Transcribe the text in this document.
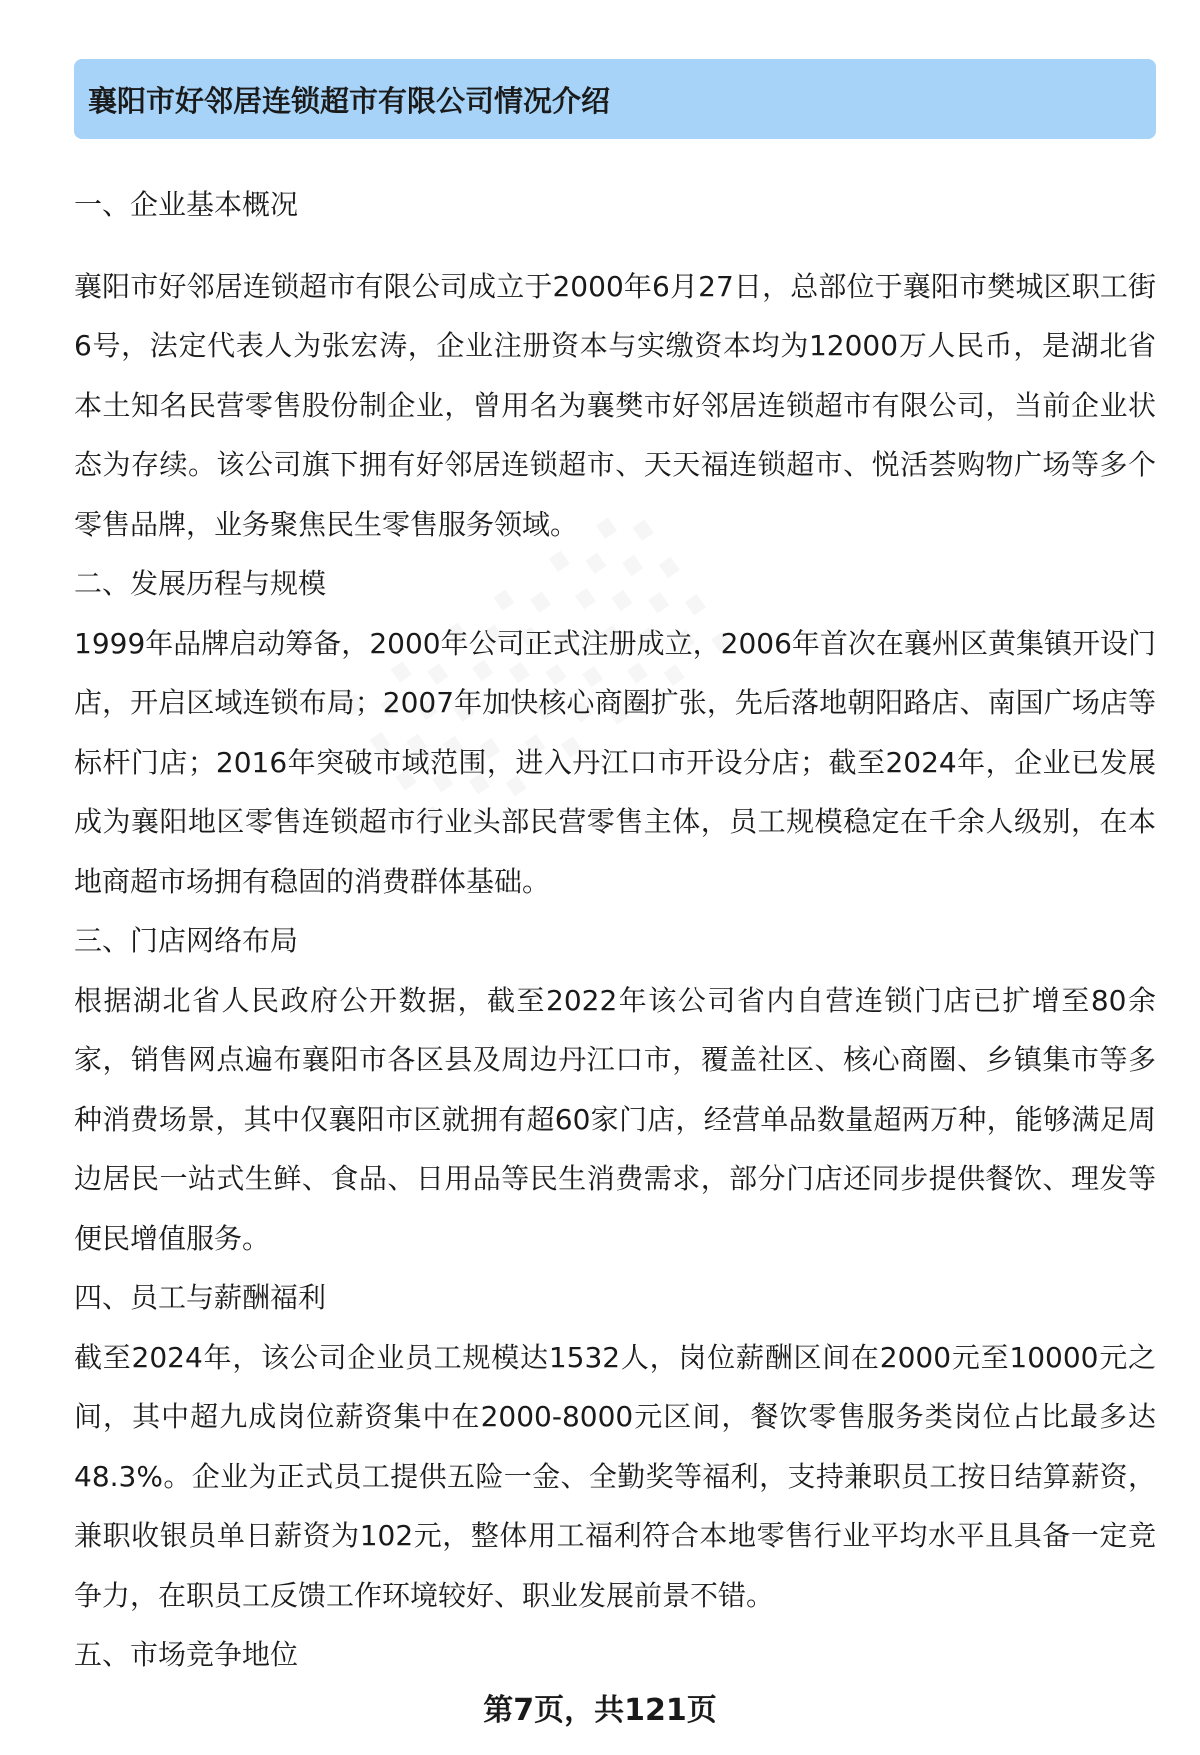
襄阳市好邻居连锁超市有限公司情况介绍

一、企业基本概况

襄阳市好邻居连锁超市有限公司成立于2000年6月27日，总部位于襄阳市樊城区职工街6号，法定代表人为张宏涛，企业注册资本与实缴资本均为12000万人民币，是湖北省本土知名民营零售股份制企业，曾用名为襄樊市好邻居连锁超市有限公司，当前企业状态为存续。该公司旗下拥有好邻居连锁超市、天天福连锁超市、悦活荟购物广场等多个零售品牌，业务聚焦民生零售服务领域。

二、发展历程与规模

1999年品牌启动筹备，2000年公司正式注册成立，2006年首次在襄州区黄集镇开设门店，开启区域连锁布局；2007年加快核心商圈扩张，先后落地朝阳路店、南国广场店等标杆门店；2016年突破市域范围，进入丹江口市开设分店；截至2024年，企业已发展成为襄阳地区零售连锁超市行业头部民营零售主体，员工规模稳定在千余人级别，在本地商超市场拥有稳固的消费群体基础。

三、门店网络布局

根据湖北省人民政府公开数据，截至2022年该公司省内自营连锁门店已扩增至80余家，销售网点遍布襄阳市各区县及周边丹江口市，覆盖社区、核心商圈、乡镇集市等多种消费场景，其中仅襄阳市区就拥有超60家门店，经营单品数量超两万种，能够满足周边居民一站式生鲜、食品、日用品等民生消费需求，部分门店还同步提供餐饮、理发等便民增值服务。

四、员工与薪酬福利

截至2024年，该公司企业员工规模达1532人，岗位薪酬区间在2000元至10000元之间，其中超九成岗位薪资集中在2000-8000元区间，餐饮零售服务类岗位占比最多达48.3%。企业为正式员工提供五险一金、全勤奖等福利，支持兼职员工按日结算薪资，兼职收银员单日薪资为102元，整体用工福利符合本地零售行业平均水平且具备一定竞争力，在职员工反馈工作环境较好、职业发展前景不错。

五、市场竞争地位

第7页，共121页
